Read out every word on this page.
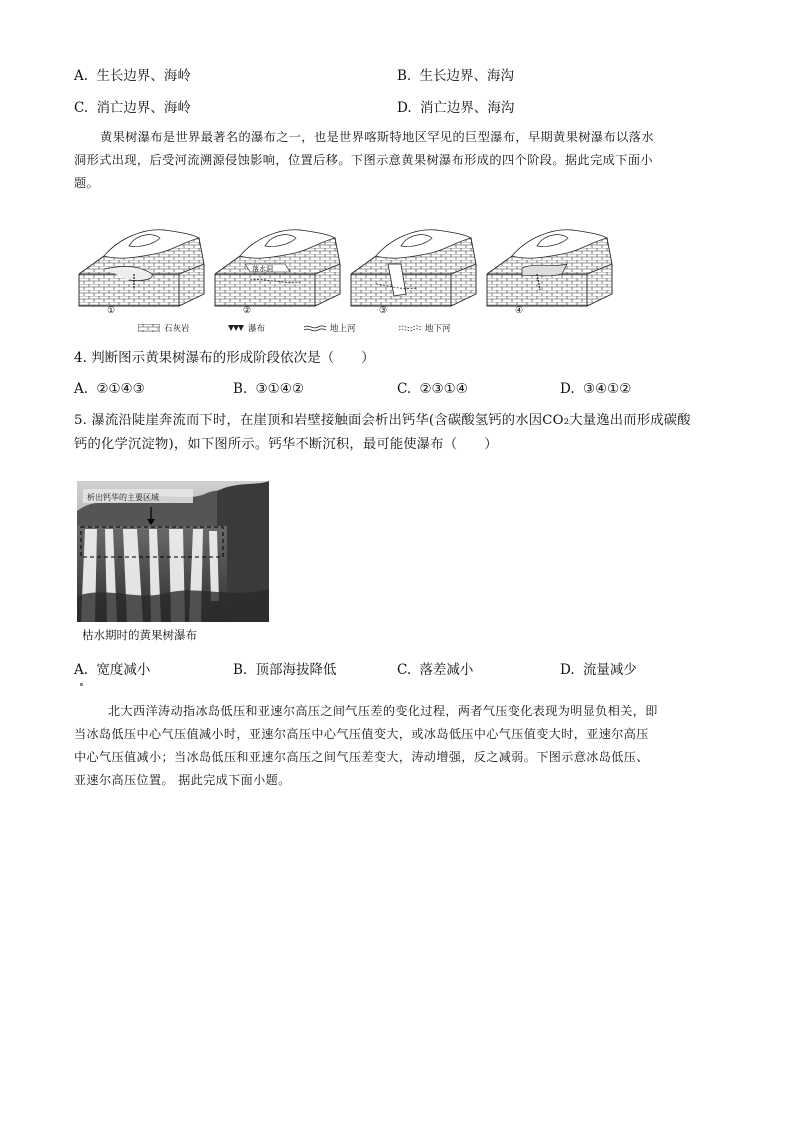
A. 生长边界、海岭	B. 生长边界、海沟
C. 消亡边界、海岭	D. 消亡边界、海沟

黄果树瀑布是世界最著名的瀑布之一，也是世界喀斯特地区罕见的巨型瀑布，早期黄果树瀑布以落水

洞形式出现，后受河流溯源侵蚀影响，位置后移。下图示意黄果树瀑布形成的四个阶段。据此完成下面小

题。

落水洞
①	②	③	④
石灰岩	瀑布	地上河	地下河
4. 判断图示黄果树瀑布的形成阶段依次是（　　）
A. ②①④③	B. ③①④②	C. ②③①④	D. ③④①②
5. 瀑流沿陡崖奔流而下时，在崖顶和岩壁接触面会析出钙华(含碳酸氢钙的水因CO₂大量逸出而形成碳酸
钙的化学沉淀物)，如下图所示。钙华不断沉积，最可能使瀑布（　　）
析出钙华的主要区域
枯水期时的黄果树瀑布
A. 宽度减小	B. 顶部海拔降低	C. 落差减小	D. 流量减少

北大西洋涛动指冰岛低压和亚速尔高压之间气压差的变化过程，两者气压变化表现为明显负相关，即

当冰岛低压中心气压值减小时，亚速尔高压中心气压值变大，或冰岛低压中心气压值变大时，亚速尔高压

中心气压值减小；当冰岛低压和亚速尔高压之间气压差变大，涛动增强，反之减弱。下图示意冰岛低压、

亚速尔高压位置。 据此完成下面小题。
